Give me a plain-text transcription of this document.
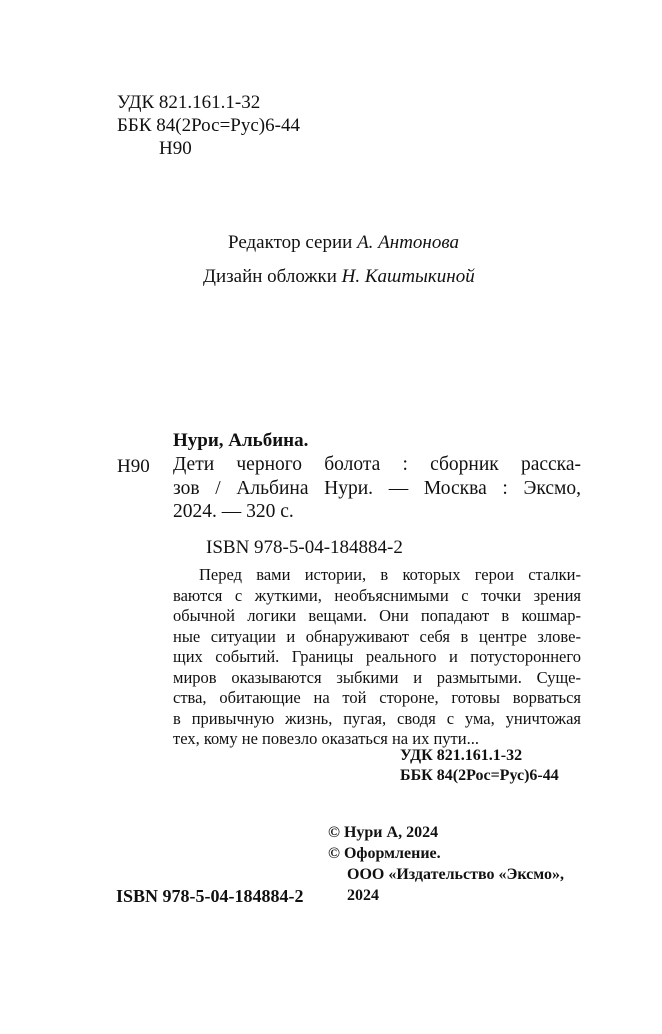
УДК 821.161.1-32
ББК 84(2Рос=Рус)6-44
Н90
Редактор серии А. Антонова
Дизайн обложки Н. Каштыкиной
Нури, Альбина.
Н90 Дети черного болота : сборник расска-
зов / Альбина Нури. — Москва : Эксмо,
2024. — 320 с.
ISBN 978-5-04-184884-2
Перед вами истории, в которых герои сталки-
ваются с жуткими, необъяснимыми с точки зрения
обычной логики вещами. Они попадают в кошмар-
ные ситуации и обнаруживают себя в центре зловe-
щих событий. Границы реального и потустороннего
миров оказываются зыбкими и размытыми. Суще-
ства, обитающие на той стороне, готовы ворваться
в привычную жизнь, пугая, сводя с ума, уничтожая
тех, кому не повезло оказаться на их пути...
УДК 821.161.1-32
ББК 84(2Рос=Рус)6-44
© Нури А, 2024
© Оформление.
ООО «Издательство «Эксмо»,
2024
ISBN 978-5-04-184884-2
